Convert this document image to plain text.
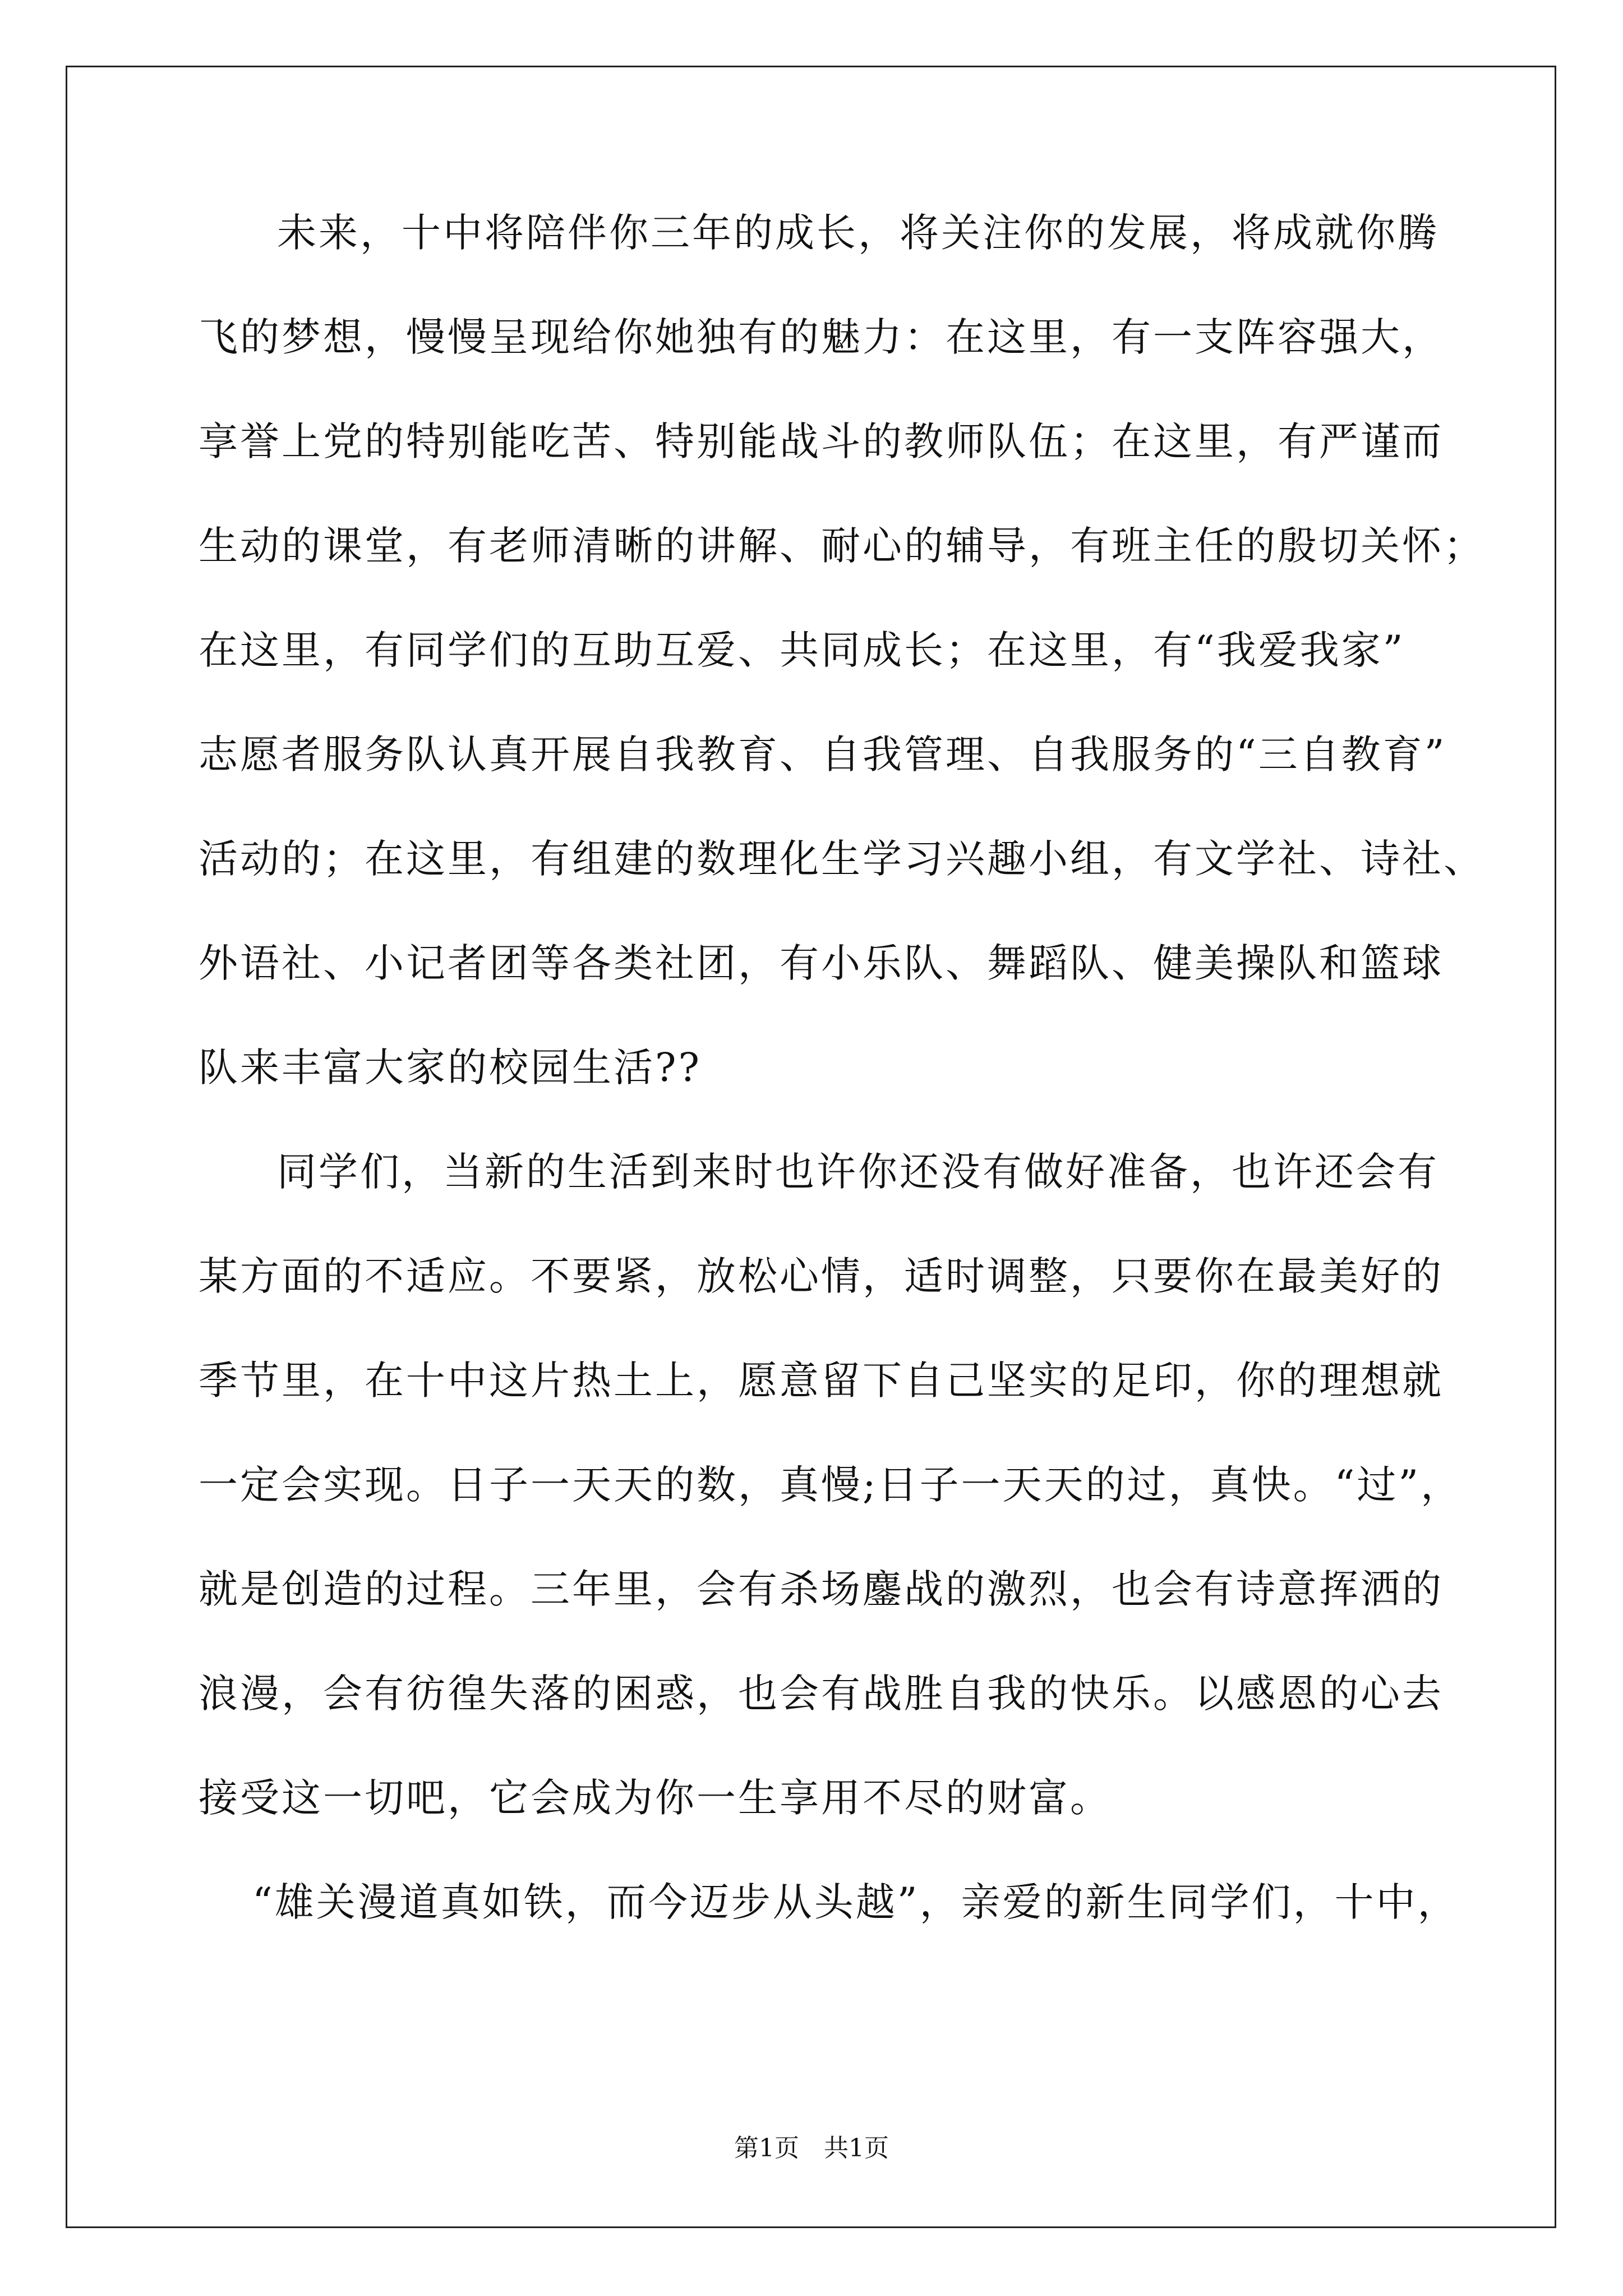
未来，十中将陪伴你三年的成长，将关注你的发展，将成就你腾
飞的梦想，慢慢呈现给你她独有的魅力：在这里，有一支阵容强大，
享誉上党的特别能吃苦、特别能战斗的教师队伍；在这里，有严谨而
生动的课堂，有老师清晰的讲解、耐心的辅导，有班主任的殷切关怀；
在这里，有同学们的互助互爱、共同成长；在这里，有“我爱我家”
志愿者服务队认真开展自我教育、自我管理、自我服务的“三自教育”
活动的；在这里，有组建的数理化生学习兴趣小组，有文学社、诗社、
外语社、小记者团等各类社团，有小乐队、舞蹈队、健美操队和篮球
队来丰富大家的校园生活??
同学们，当新的生活到来时也许你还没有做好准备，也许还会有
某方面的不适应。不要紧，放松心情，适时调整，只要你在最美好的
季节里，在十中这片热土上，愿意留下自己坚实的足印，你的理想就
一定会实现。日子一天天的数，真慢;日子一天天的过，真快。“过”，
就是创造的过程。三年里，会有杀场鏖战的激烈，也会有诗意挥洒的
浪漫，会有彷徨失落的困惑，也会有战胜自我的快乐。以感恩的心去
接受这一切吧，它会成为你一生享用不尽的财富。
“雄关漫道真如铁，而今迈步从头越”，亲爱的新生同学们，十中，
第1页 共1页
